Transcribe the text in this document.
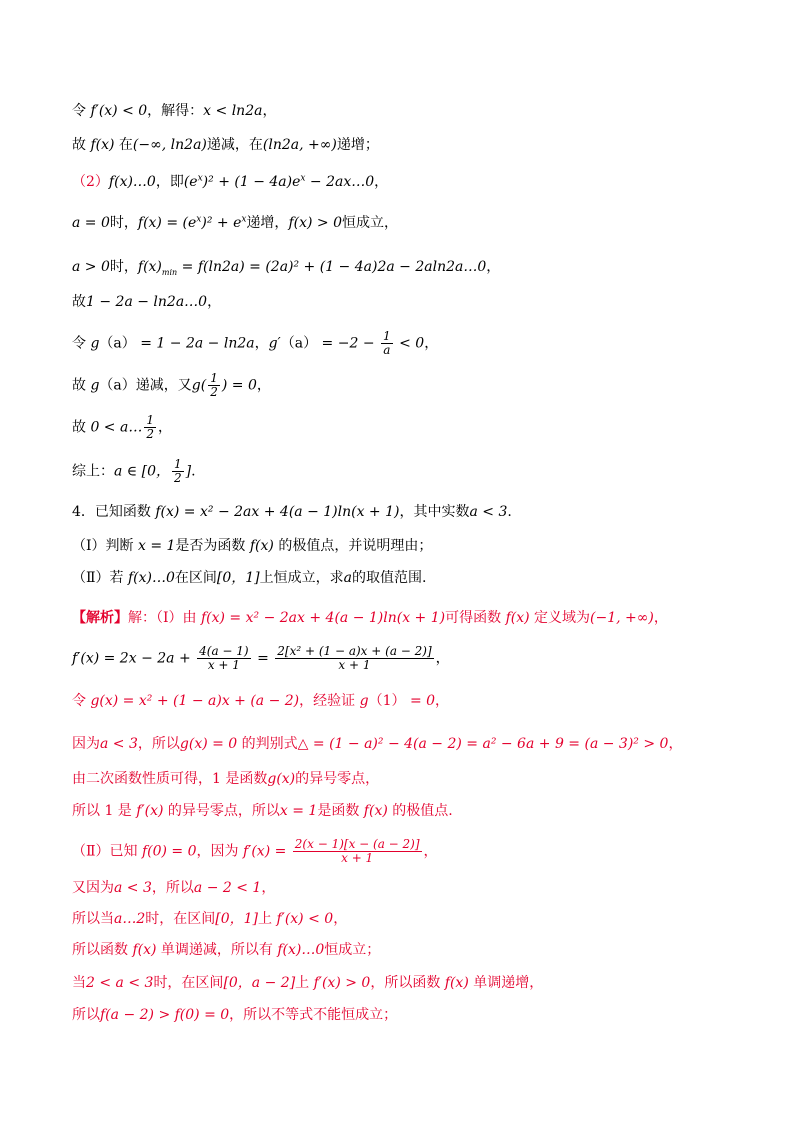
令 f′(x) < 0，解得：x < ln2a，
故 f(x) 在(−∞, ln2a)递减，在(ln2a, +∞)递增；
（2）f(x)…0，即$(e^x)^2 + (1 - 4a)e^x$ − 2ax…0，
a = 0时，$f(x) = (e^x)^2 + e^x$递增，f(x) > 0恒成立，
a > 0时，$f(x)_{min} = f(\ln 2a) = (2a)^2 + (1 - 4a)2a$ − 2aln2a…0，
故1 − 2a − ln2a…0，
令 g（a） = 1 − 2a − ln2a，$g'(a) = -2 - \frac{1}{a} < 0$，
故 g（a）递减，又$g( \frac{1}{2}$ ) = 0，
故 0 < a… $\frac{1}{2}$ ，
综上：a ∈ [0， $\frac{1}{2}$ ].
4．已知函数 f(x) = x² − 2ax + 4(a − 1)ln(x + 1)，其中实数a < 3.
（Ⅰ）判断 x = 1是否为函数 f(x) 的极值点，并说明理由；
（Ⅱ）若 f(x)…0在区间[0，1]上恒成立，求a的取值范围.
【解析】解：（Ⅰ）由 f(x) = x² − 2ax + 4(a − 1)ln(x + 1)可得函数 f(x) 定义域为(−1, +∞)，
$f'(x) = 2x - 2a + \frac{4(a - 1)}{x + 1} = \frac{\text{2[x² + (1 − a)x + (a − 2)]}}{x + 1}$ ，
令 g(x) = x² + (1 − a)x + (a − 2)，经验证 g（1） = 0，
因为a < 3，所以g(x) = 0 的判别式△ = (1 − a)² − 4(a − 2) = a² − 6a + 9 = (a − 3)² > 0，
由二次函数性质可得，1 是函数g(x)的异号零点，
所以 1 是 f′(x) 的异号零点，所以x = 1是函数 f(x) 的极值点.
（Ⅱ）已知 f(0) = 0，因为 $f'(x) = \frac{2(x - 1)[x - (a - 2)]}{x + 1}$ ，
又因为a < 3，所以a − 2 < 1，
所以当a…2时，在区间[0，1]上 f′(x) < 0，
所以函数 f(x) 单调递减，所以有 f(x)…0恒成立；
当2 < a < 3时，在区间[0，a − 2]上 f′(x) > 0，所以函数 f(x) 单调递增，
所以f(a − 2) > f(0) = 0，所以不等式不能恒成立；
